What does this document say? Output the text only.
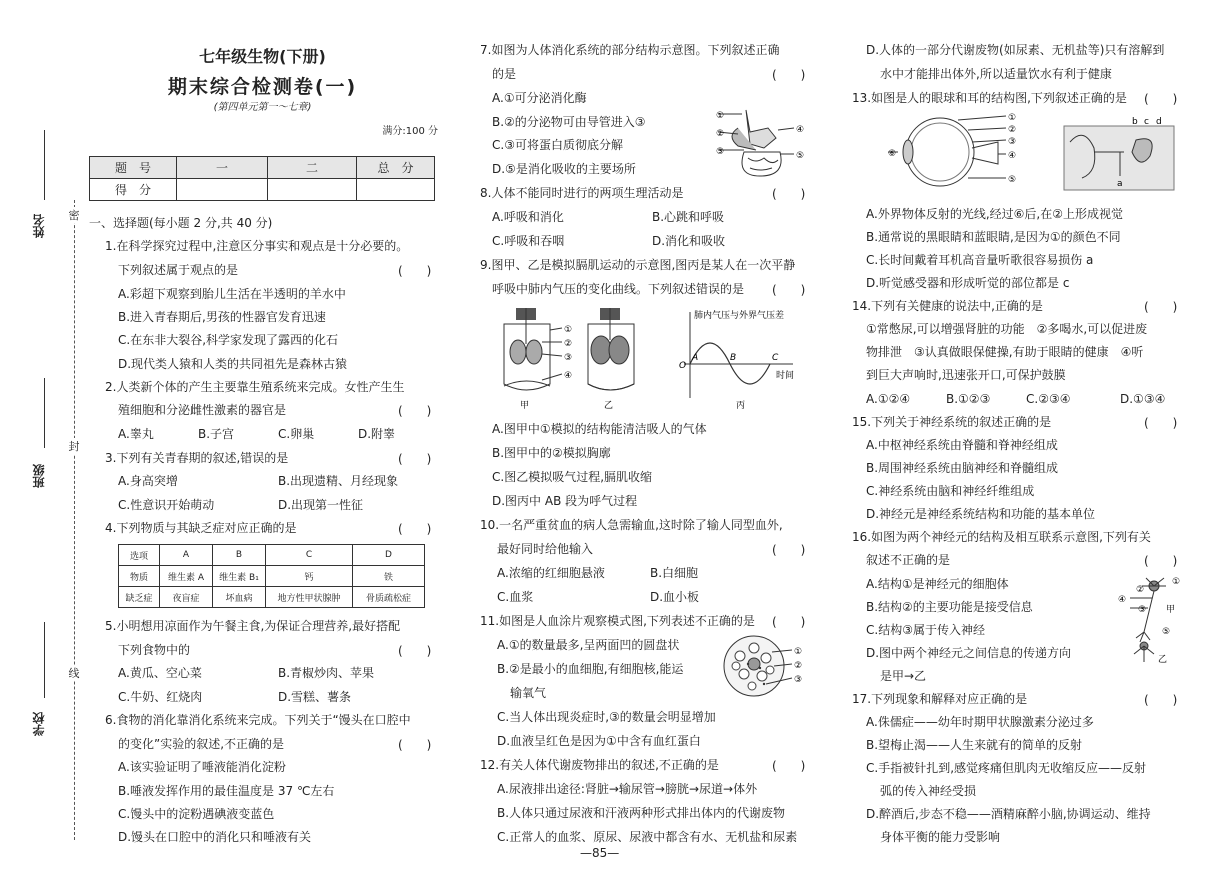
密
封
线
姓名
班级
学校
七年级生物(下册)
期末综合检测卷(一)
(第四单元第一～七章)
满分:100 分
题　号	一	二	总　分
得　分			
一、选择题(每小题 2 分,共 40 分)
1.在科学探究过程中,注意区分事实和观点是十分必要的。
下列叙述属于观点的是	(　　)
A.彩超下观察到胎儿生活在半透明的羊水中
B.进入青春期后,男孩的性器官发育迅速
C.在东非大裂谷,科学家发现了露西的化石
D.现代类人猿和人类的共同祖先是森林古猿
2.人类新个体的产生主要靠生殖系统来完成。女性产生生
殖细胞和分泌雌性激素的器官是	(　　)
A.睾丸	B.子宫	C.卵巢	D.附睾
3.下列有关青春期的叙述,错误的是	(　　)
A.身高突增	B.出现遗精、月经现象
C.性意识开始萌动	D.出现第一性征
4.下列物质与其缺乏症对应正确的是	(　　)
5.小明想用凉面作为午餐主食,为保证合理营养,最好搭配
下列食物中的	(　　)
A.黄瓜、空心菜	B.青椒炒肉、苹果
C.牛奶、红烧肉	D.雪糕、薯条
6.食物的消化靠消化系统来完成。下列关于“馒头在口腔中
的变化”实验的叙述,不正确的是	(　　)
A.该实验证明了唾液能消化淀粉
B.唾液发挥作用的最佳温度是 37 ℃左右
C.馒头中的淀粉遇碘液变蓝色
D.馒头在口腔中的消化只和唾液有关
7.如图为人体消化系统的部分结构示意图。下列叙述正确
的是	(　　)
A.①可分泌消化酶
B.②的分泌物可由导管进入③
C.③可将蛋白质彻底分解
D.⑤是消化吸收的主要场所
8.人体不能同时进行的两项生理活动是	(　　)
A.呼吸和消化	B.心跳和呼吸
C.呼吸和吞咽	D.消化和吸收
9.图甲、乙是模拟膈肌运动的示意图,图丙是某人在一次平静
呼吸中肺内气压的变化曲线。下列叙述错误的是 (　　)
A.图甲中①模拟的结构能清洁吸人的气体
B.图甲中的②模拟胸廓
C.图乙模拟吸气过程,膈肌收缩
D.图丙中 AB 段为呼气过程
10.一名严重贫血的病人急需输血,这时除了输人同型血外,
最好同时给他输入	(　　)
A.浓缩的红细胞悬液	B.白细胞
C.血浆	D.血小板
11.如图是人血涂片观察模式图,下列表述不正确的是 (　　)
A.①的数量最多,呈两面凹的圆盘状
B.②是最小的血细胞,有细胞核,能运
输氧气
C.当人体出现炎症时,③的数量会明显增加
D.血液呈红色是因为①中含有血红蛋白
12.有关人体代谢废物排出的叙述,不正确的是	(　　)
A.尿液排出途径:肾脏→输尿管→膀胱→尿道→体外
B.人体只通过尿液和汗液两种形式排出体内的代谢废物
C.正常人的血浆、原尿、尿液中都含有水、无机盐和尿素
D.人体的一部分代谢废物(如尿素、无机盐等)只有溶解到
水中才能排出体外,所以适量饮水有利于健康
13.如图是人的眼球和耳的结构图,下列叙述正确的是 (　　)
A.外界物体反射的光线,经过⑥后,在②上形成视觉
B.通常说的黑眼睛和蓝眼睛,是因为①的颜色不同
C.长时间戴着耳机高音量听歌很容易损伤 a
D.听觉感受器和形成听觉的部位都是 c
14.下列有关健康的说法中,正确的是	(　　)
①常憋尿,可以增强肾脏的功能　②多喝水,可以促进废
物排泄　③认真做眼保健操,有助于眼睛的健康　④听
到巨大声响时,迅速张开口,可保护鼓膜
A.①②④	B.①②③	C.②③④	D.①③④
15.下列关于神经系统的叙述正确的是	(　　)
A.中枢神经系统由脊髓和脊神经组成
B.周围神经系统由脑神经和脊髓组成
C.神经系统由脑和神经纤维组成
D.神经元是神经系统结构和功能的基本单位
16.如图为两个神经元的结构及相互联系示意图,下列有关
叙述不正确的是	(　　)
A.结构①是神经元的细胞体
B.结构②的主要功能是接受信息
C.结构③属于传入神经
D.图中两个神经元之间信息的传递方向
是甲→乙
17.下列现象和解释对应正确的是	(　　)
A.侏儒症——幼年时期甲状腺激素分泌过多
B.望梅止渴——人生来就有的简单的反射
C.手指被针扎到,感觉疼痛但肌肉无收缩反应——反射
弧的传入神经受损
D.醉酒后,步态不稳——酒精麻醉小脑,协调运动、维持
身体平衡的能力受影响
选项	A	B	C	D
物质	维生素 A	维生素 B₁	钙	铁
缺乏症	夜盲症	坏血病	地方性甲状腺肿	骨质疏松症
①
②
③
④
⑤
①
②
③
④
甲	乙
肺内气压与外界气压差
时间
O
A	B	C
丙
①
②
③
⑥
①
②
③
④
⑤	a
b c d
④
②
①
③
⑤
甲
乙
—85—
